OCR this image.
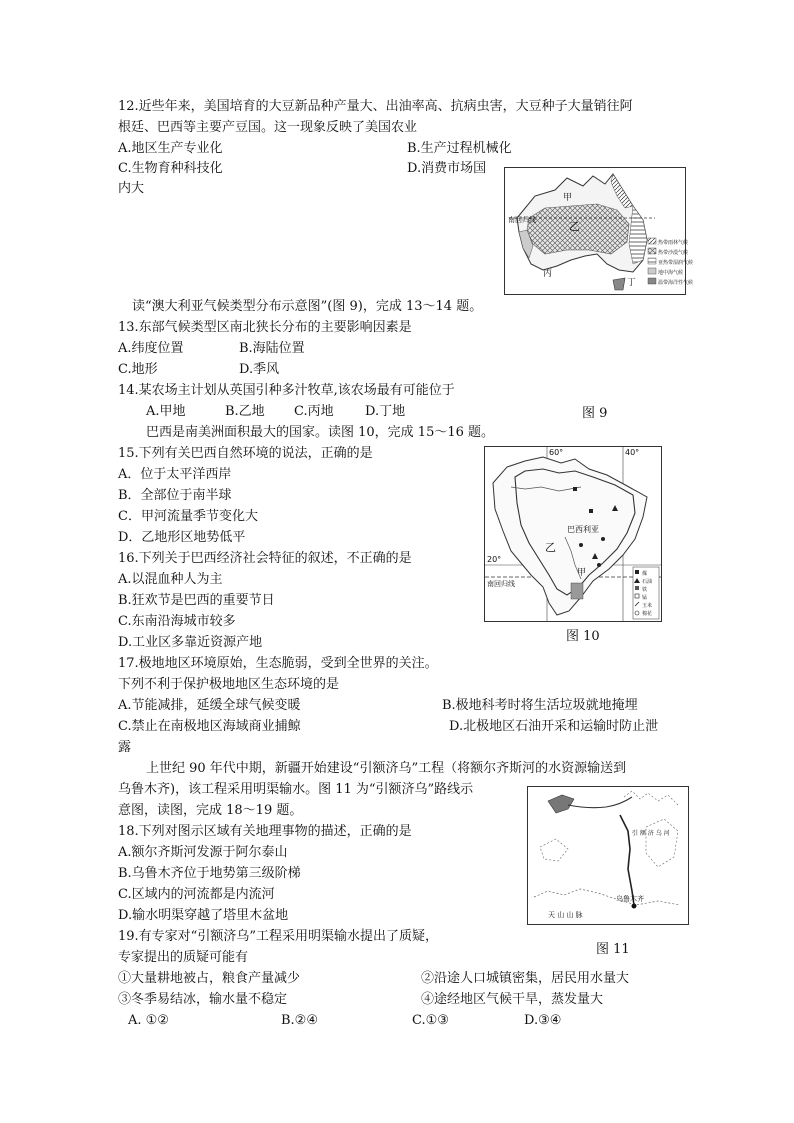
12.近些年来，美国培育的大豆新品种产量大、出油率高、抗病虫害，大豆种子大量销往阿
根廷、巴西等主要产豆国。这一现象反映了美国农业
A.地区生产专业化	B.生产过程机械化
C.生物育种科技化	D.消费市场国
内大
南回归线
甲
乙
丙
丁
热带雨林气候
热带沙漠气候
亚热带湿润气候
地中海气候
温带海洋性气候
读“澳大利亚气候类型分布示意图”(图 9)，完成 13～14 题。
13.东部气候类型区南北狭长分布的主要影响因素是
A.纬度位置	B.海陆位置
C.地形	D.季风
14.某农场主计划从英国引种多汁牧草,该农场最有可能位于
A.甲地	B.乙地 C.丙地 D.丁地	图 9
巴西是南美洲面积最大的国家。读图 10，完成 15～16 题。
15.下列有关巴西自然环境的说法，正确的是
A．位于太平洋西岸
B．全部位于南半球
C．甲河流量季节变化大
D．乙地形区地势低平
60°	40°
20°
巴西利亚
乙
甲
南回归线
煤
石油
铁
锰
玉米
棉花
16.下列关于巴西经济社会特征的叙述，不正确的是
A.以混血种人为主
B.狂欢节是巴西的重要节日
C.东南沿海城市较多
图 10
D.工业区多靠近资源产地
17.极地地区环境原始，生态脆弱，受到全世界的关注。
下列不利于保护极地地区生态环境的是
A.节能减排，延缓全球气候变暖	B.极地科考时将生活垃圾就地掩埋
C.禁止在南极地区海域商业捕鲸	D.北极地区石油开采和运输时防止泄
露
上世纪 90 年代中期，新疆开始建设“引额济乌”工程（将额尔齐斯河的水资源输送到
乌鲁木齐)，该工程采用明渠输水。图 11 为“引额济乌”路线示
意图，读图，完成 18～19 题。
乌鲁木齐
天 山 山 脉
引 额 济 乌 河
18.下列对图示区域有关地理事物的描述，正确的是
A.额尔齐斯河发源于阿尔泰山
B.乌鲁木齐位于地势第三级阶梯
C.区域内的河流都是内流河
D.输水明渠穿越了塔里木盆地
19.有专家对“引额济乌”工程采用明渠输水提出了质疑，
图 11
专家提出的质疑可能有
①大量耕地被占，粮食产量减少	②沿途人口城镇密集，居民用水量大
③冬季易结冰，输水量不稳定	④途经地区气候干旱，蒸发量大
A. ①②	B.②④	C.①③	D.③④
